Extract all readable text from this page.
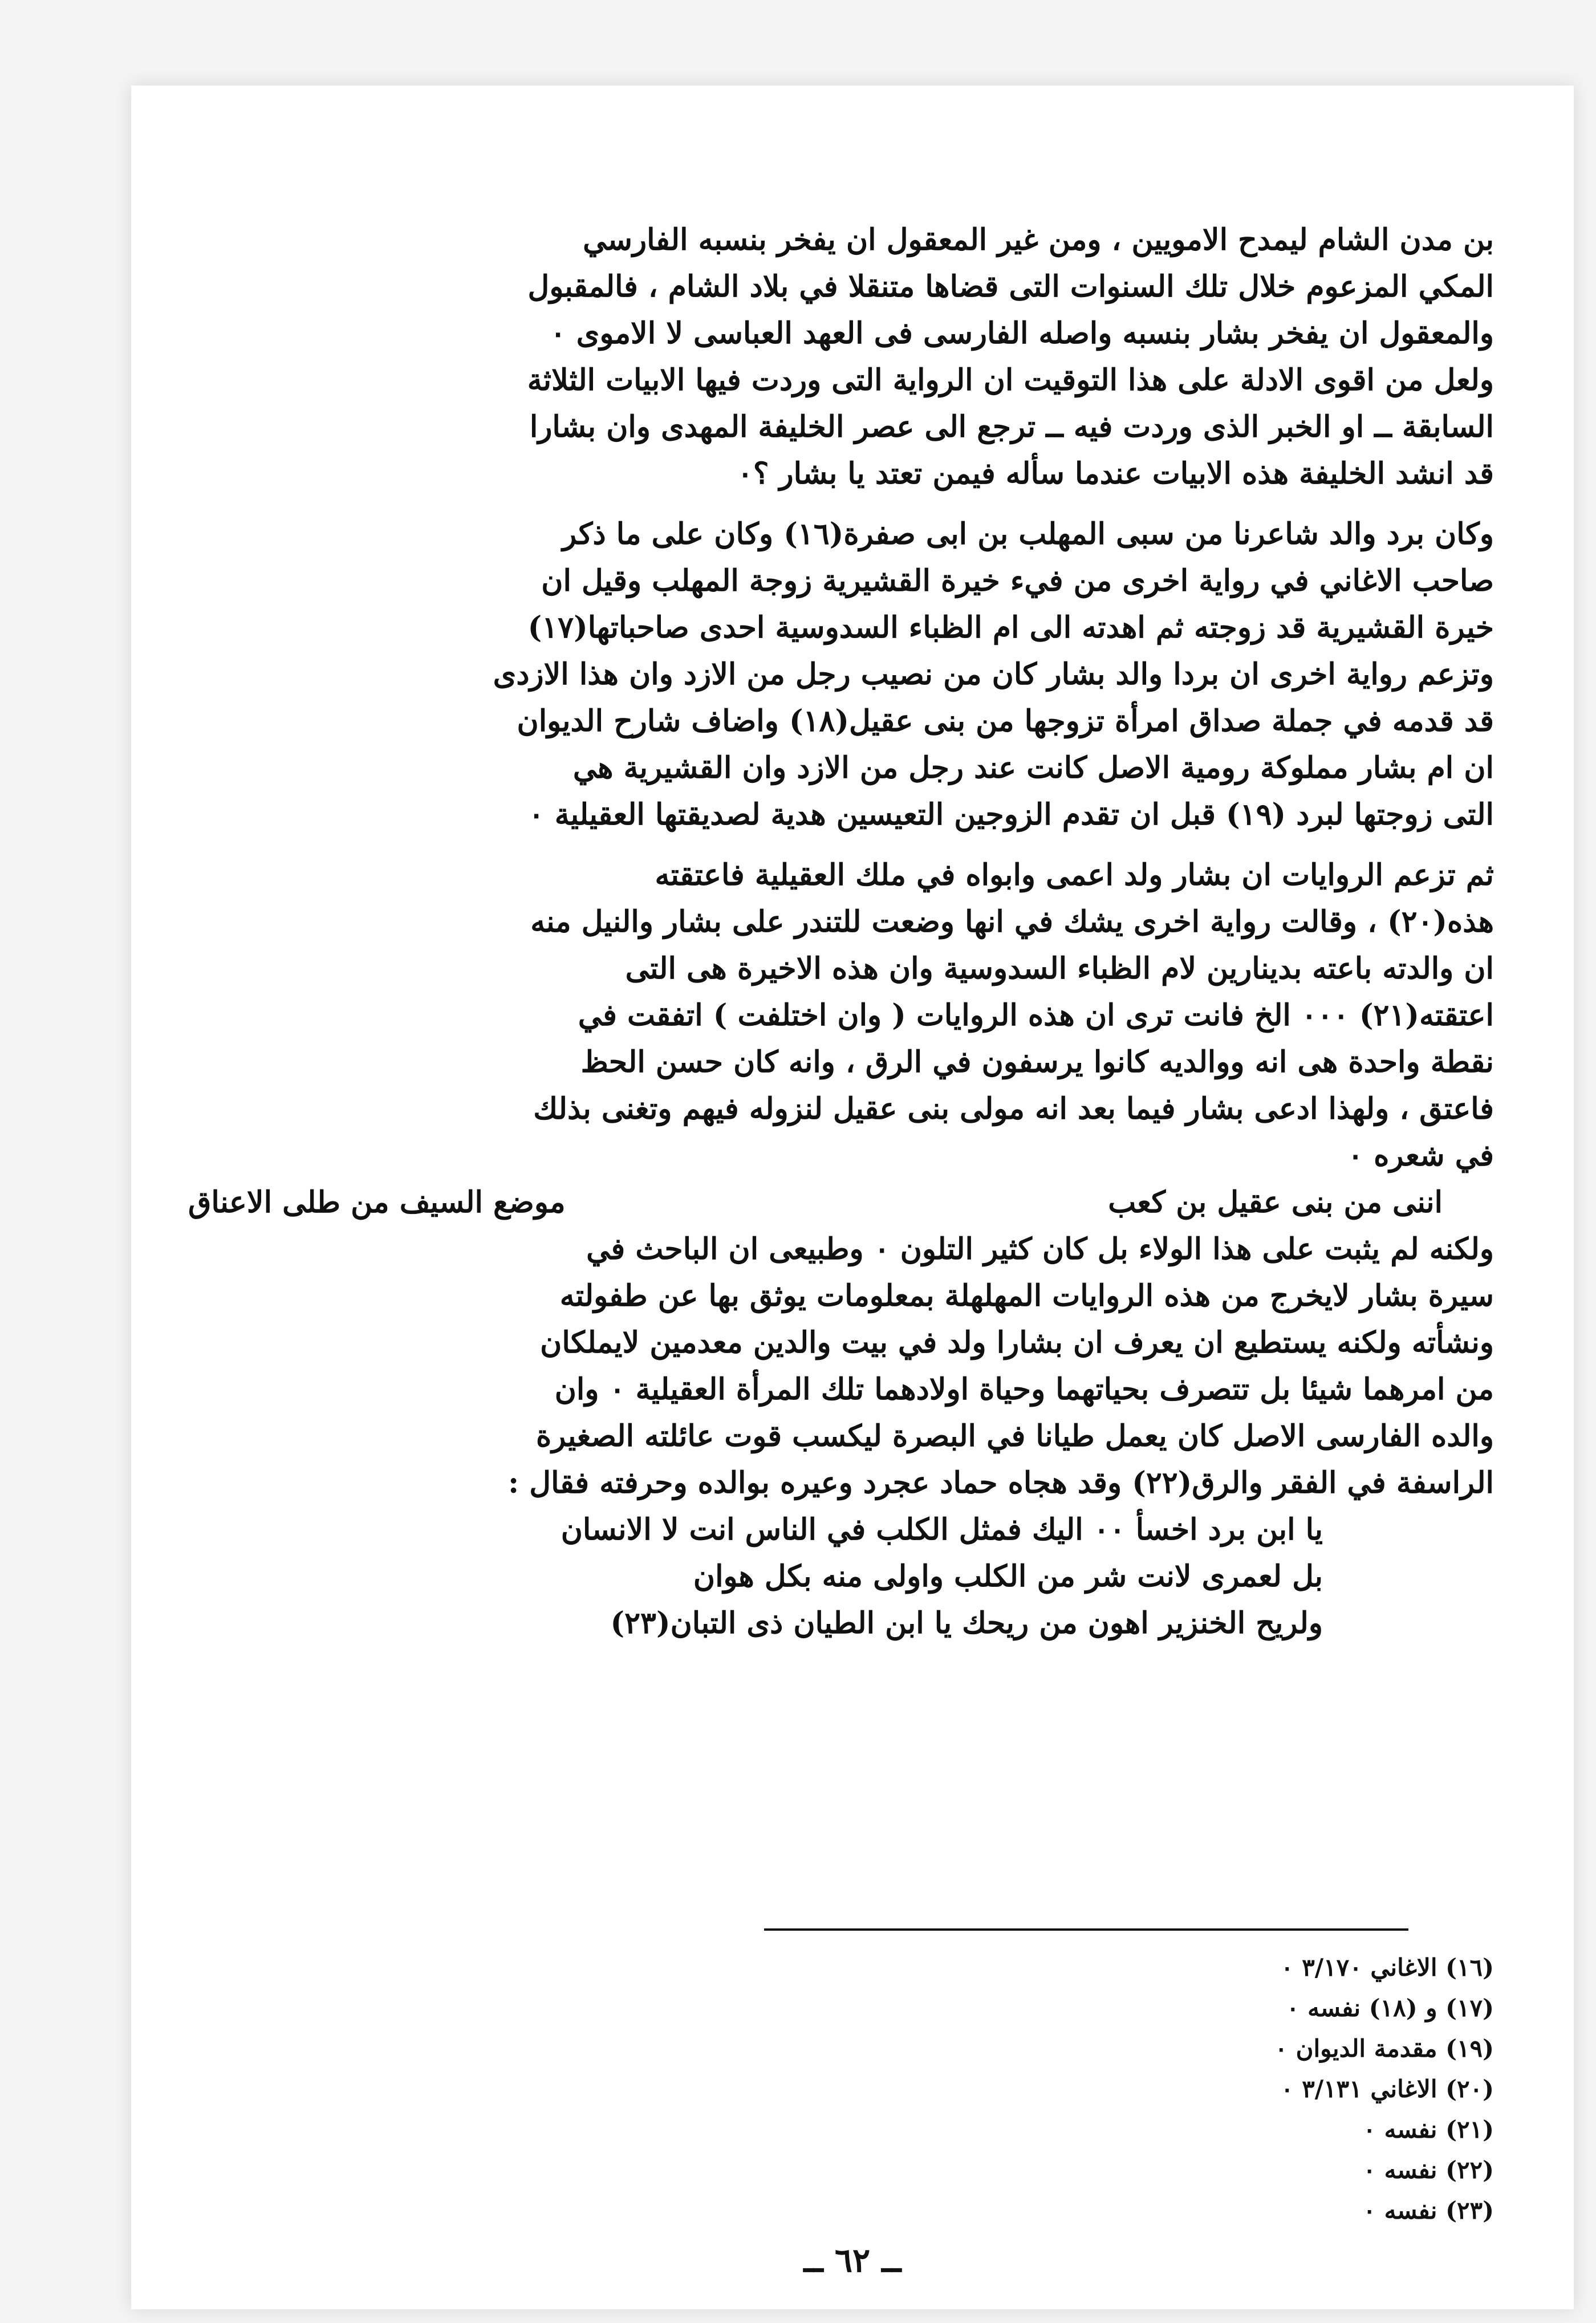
بن مدن الشام ليمدح الامويين ، ومن غير المعقول ان يفخر بنسبه الفارسي
المكي المزعوم خلال تلك السنوات التى قضاها متنقلا في بلاد الشام ، فالمقبول
والمعقول ان يفخر بشار بنسبه واصله الفارسى فى العهد العباسى لا الاموى ٠
ولعل من اقوى الادلة على هذا التوقيت ان الرواية التى وردت فيها الابيات الثلاثة
السابقة ــ او الخبر الذى وردت فيه ــ ترجع الى عصر الخليفة المهدى وان بشارا
قد انشد الخليفة هذه الابيات عندما سأله فيمن تعتد يا بشار ؟٠
وكان برد والد شاعرنا من سبى المهلب بن ابى صفرة(١٦) وكان على ما ذكر
صاحب الاغاني في رواية اخرى من فيء خيرة القشيرية زوجة المهلب وقيل ان
خيرة القشيرية قد زوجته ثم اهدته الى ام الظباء السدوسية احدى صاحباتها(١٧)
وتزعم رواية اخرى ان بردا والد بشار كان من نصيب رجل من الازد وان هذا الازدى
قد قدمه في جملة صداق امرأة تزوجها من بنى عقيل(١٨) واضاف شارح الديوان
ان ام بشار مملوكة رومية الاصل كانت عند رجل من الازد وان القشيرية هي
التى زوجتها لبرد (١٩) قبل ان تقدم الزوجين التعيسين هدية لصديقتها العقيلية ٠
ثم تزعم الروايات ان بشار ولد اعمى وابواه في ملك العقيلية فاعتقته
هذه(٢٠) ، وقالت رواية اخرى يشك في انها وضعت للتندر على بشار والنيل منه
ان والدته باعته بدينارين لام الظباء السدوسية وان هذه الاخيرة هى التى
اعتقته(٢١) ٠٠٠ الخ فانت ترى ان هذه الروايات ( وان اختلفت ) اتفقت في
نقطة واحدة هى انه ووالديه كانوا يرسفون في الرق ، وانه كان حسن الحظ
فاعتق ، ولهذا ادعى بشار فيما بعد انه مولى بنى عقيل لنزوله فيهم وتغنى بذلك
في شعره ٠
اننى من بنى عقيل بن كعب
موضع السيف من طلى الاعناق
ولكنه لم يثبت على هذا الولاء بل كان كثير التلون ٠ وطبيعى ان الباحث في
سيرة بشار لايخرج من هذه الروايات المهلهلة بمعلومات يوثق بها عن طفولته
ونشأته ولكنه يستطيع ان يعرف ان بشارا ولد في بيت والدين معدمين لايملكان
من امرهما شيئا بل تتصرف بحياتهما وحياة اولادهما تلك المرأة العقيلية ٠ وان
والده الفارسى الاصل كان يعمل طيانا في البصرة ليكسب قوت عائلته الصغيرة
الراسفة في الفقر والرق(٢٢) وقد هجاه حماد عجرد وعيره بوالده وحرفته فقال :
يا ابن برد اخسأ ٠٠ اليك فمثل الكلب في الناس انت لا الانسان
بل لعمرى لانت شر من الكلب واولى منه بكل هوان
ولريح الخنزير اهون من ريحك يا ابن الطيان ذى التبان(٢٣)
(١٦) الاغاني ٣/١٧٠ ٠
(١٧) و (١٨) نفسه ٠
(١٩) مقدمة الديوان ٠
(٢٠) الاغاني ٣/١٣١ ٠
(٢١) نفسه ٠
(٢٢) نفسه ٠
(٢٣) نفسه ٠
ــ ٦٢ ــ
